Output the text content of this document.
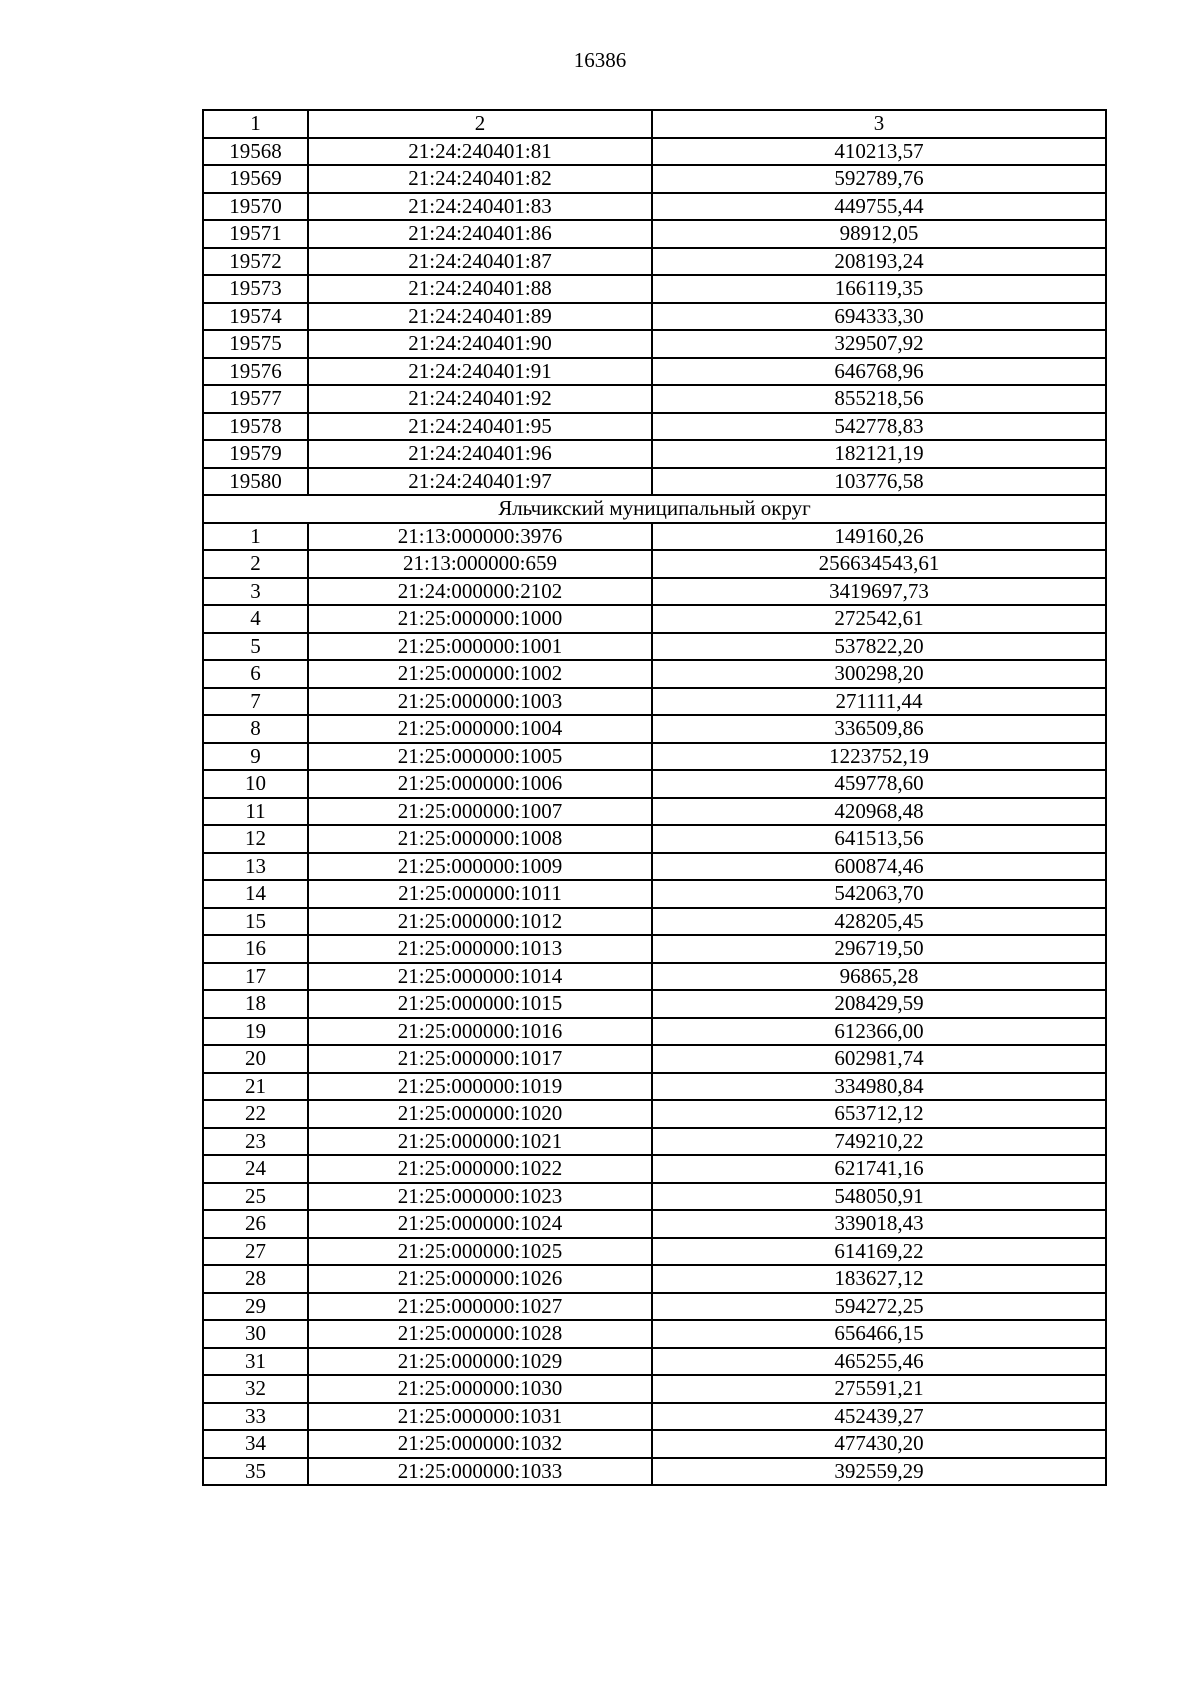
16386
1	2	3
19568	21:24:240401:81	410213,57
19569	21:24:240401:82	592789,76
19570	21:24:240401:83	449755,44
19571	21:24:240401:86	98912,05
19572	21:24:240401:87	208193,24
19573	21:24:240401:88	166119,35
19574	21:24:240401:89	694333,30
19575	21:24:240401:90	329507,92
19576	21:24:240401:91	646768,96
19577	21:24:240401:92	855218,56
19578	21:24:240401:95	542778,83
19579	21:24:240401:96	182121,19
19580	21:24:240401:97	103776,58
Яльчикский муниципальный округ		
1	21:13:000000:3976	149160,26
2	21:13:000000:659	256634543,61
3	21:24:000000:2102	3419697,73
4	21:25:000000:1000	272542,61
5	21:25:000000:1001	537822,20
6	21:25:000000:1002	300298,20
7	21:25:000000:1003	271111,44
8	21:25:000000:1004	336509,86
9	21:25:000000:1005	1223752,19
10	21:25:000000:1006	459778,60
11	21:25:000000:1007	420968,48
12	21:25:000000:1008	641513,56
13	21:25:000000:1009	600874,46
14	21:25:000000:1011	542063,70
15	21:25:000000:1012	428205,45
16	21:25:000000:1013	296719,50
17	21:25:000000:1014	96865,28
18	21:25:000000:1015	208429,59
19	21:25:000000:1016	612366,00
20	21:25:000000:1017	602981,74
21	21:25:000000:1019	334980,84
22	21:25:000000:1020	653712,12
23	21:25:000000:1021	749210,22
24	21:25:000000:1022	621741,16
25	21:25:000000:1023	548050,91
26	21:25:000000:1024	339018,43
27	21:25:000000:1025	614169,22
28	21:25:000000:1026	183627,12
29	21:25:000000:1027	594272,25
30	21:25:000000:1028	656466,15
31	21:25:000000:1029	465255,46
32	21:25:000000:1030	275591,21
33	21:25:000000:1031	452439,27
34	21:25:000000:1032	477430,20
35	21:25:000000:1033	392559,29
